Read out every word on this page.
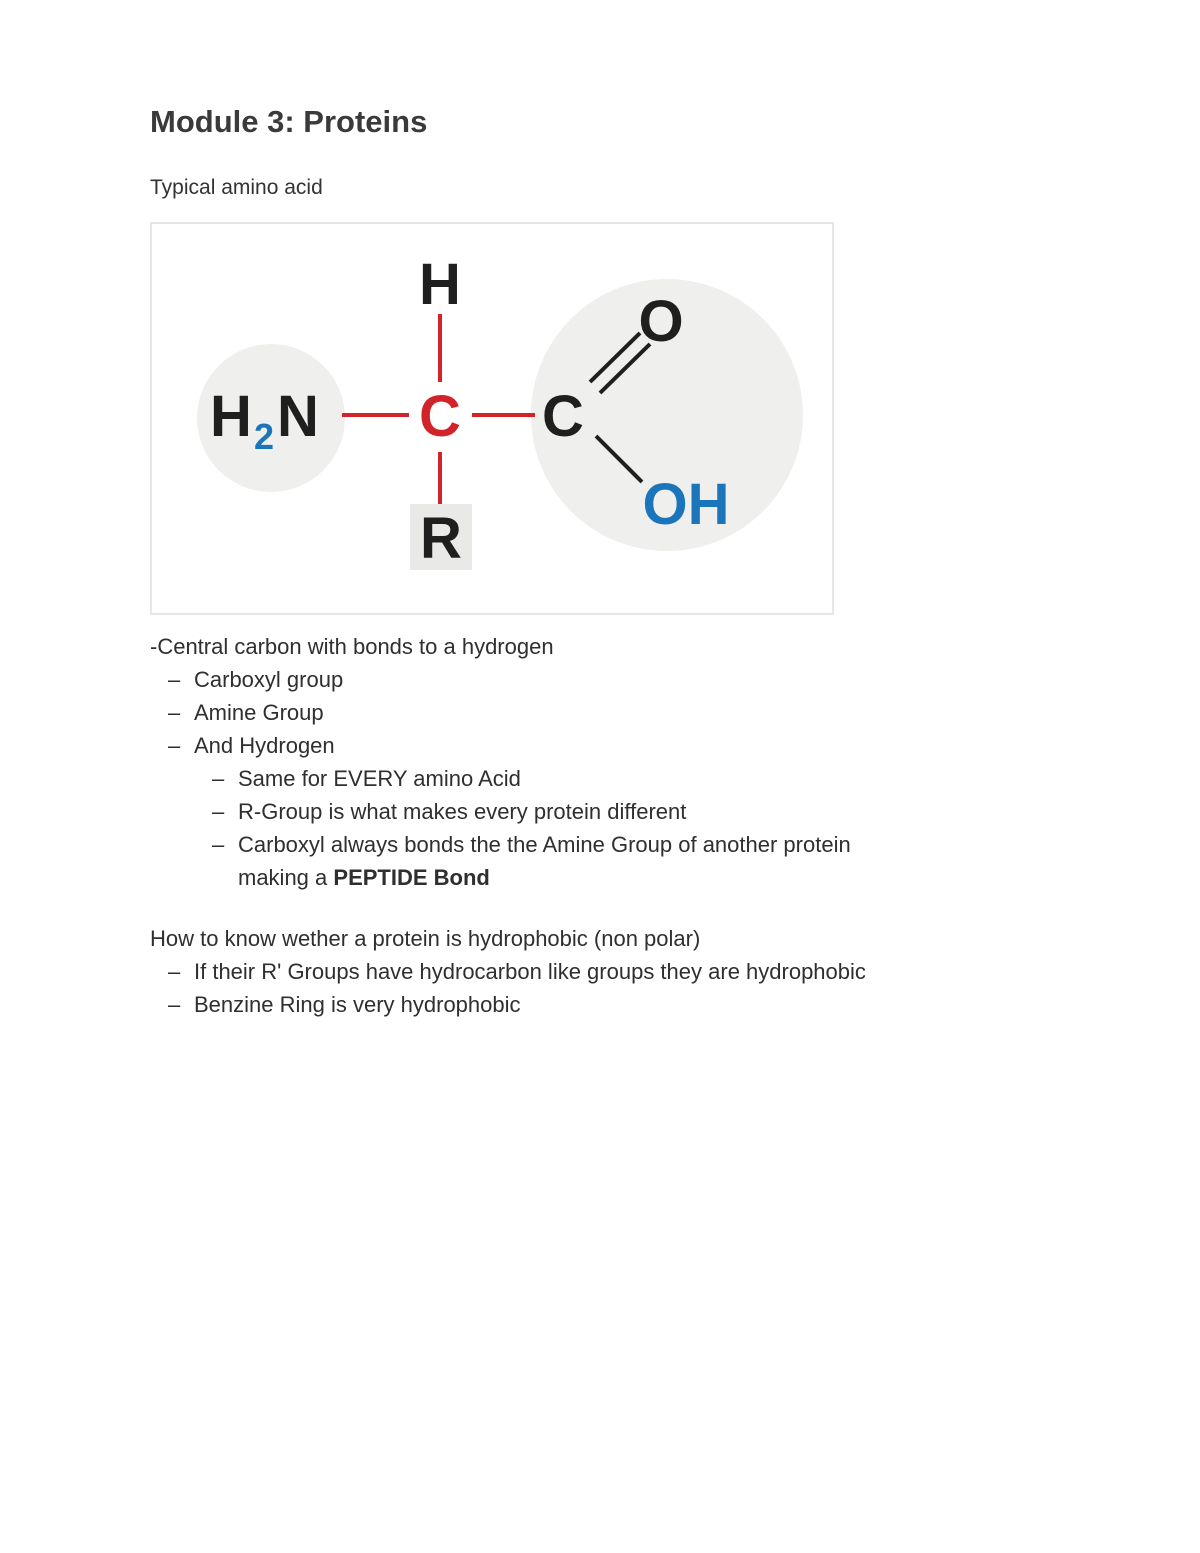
Module 3: Proteins
Typical amino acid
H
H 2 N C C
O
OH
R
-Central carbon with bonds to a hydrogen
– Carboxyl group
– Amine Group
– And Hydrogen
– Same for EVERY amino Acid
– R-Group is what makes every protein different
– Carboxyl always bonds the the Amine Group of another protein
making a PEPTIDE Bond
How to know wether a protein is hydrophobic (non polar)
– If their R' Groups have hydrocarbon like groups they are hydrophobic
– Benzine Ring is very hydrophobic
